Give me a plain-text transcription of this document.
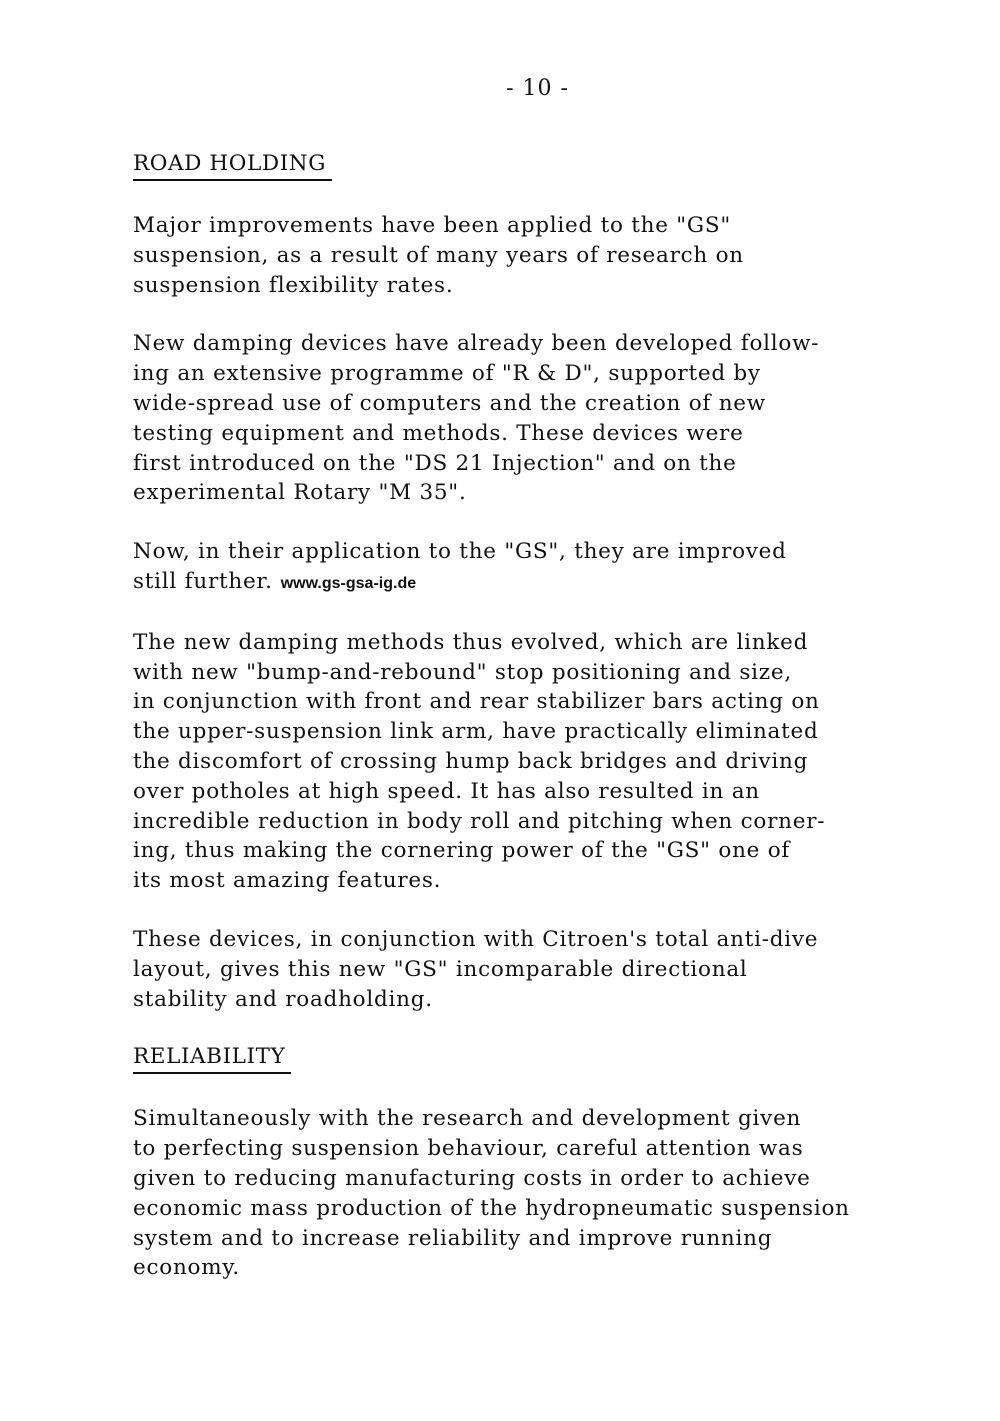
- 10 -
ROAD HOLDING

Major improvements have been applied to the "GS"
suspension, as a result of many years of research on
suspension flexibility rates.

New damping devices have already been developed follow-
ing an extensive programme of "R & D", supported by
wide-spread use of computers and the creation of new
testing equipment and methods. These devices were
first introduced on the "DS 21 Injection" and on the
experimental Rotary "M 35".

Now, in their application to the "GS", they are improved
still further. www.gs-gsa-ig.de

The new damping methods thus evolved, which are linked
with new "bump-and-rebound" stop positioning and size,
in conjunction with front and rear stabilizer bars acting on
the upper-suspension link arm, have practically eliminated
the discomfort of crossing hump back bridges and driving
over potholes at high speed. It has also resulted in an
incredible reduction in body roll and pitching when corner-
ing, thus making the cornering power of the "GS" one of
its most amazing features.

These devices, in conjunction with Citroen's total anti-dive
layout, gives this new "GS" incomparable directional
stability and roadholding.

RELIABILITY

Simultaneously with the research and development given
to perfecting suspension behaviour, careful attention was
given to reducing manufacturing costs in order to achieve
economic mass production of the hydropneumatic suspension
system and to increase reliability and improve running
economy.
